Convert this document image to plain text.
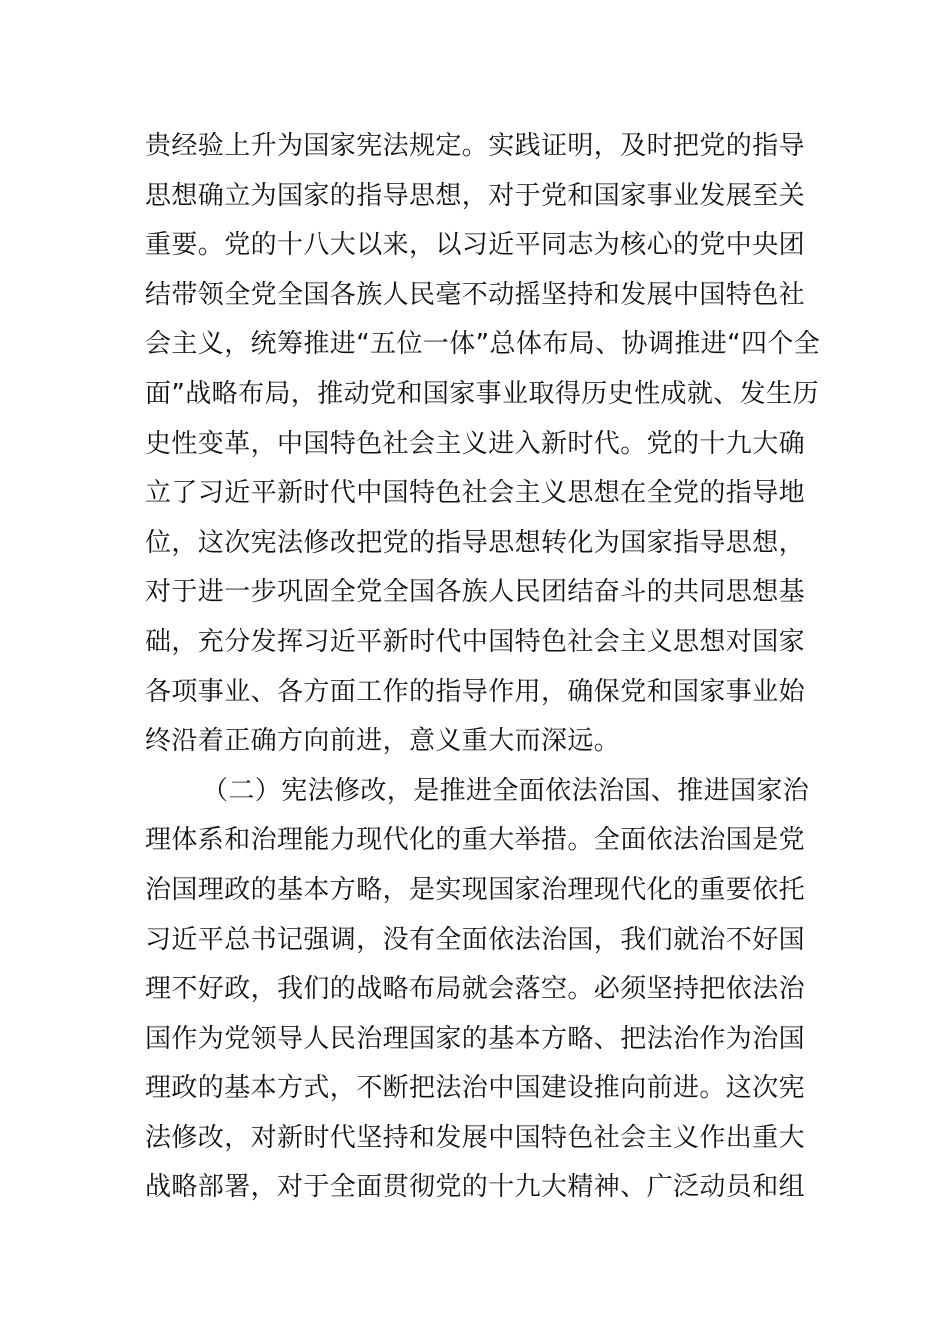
贵经验上升为国家宪法规定。实践证明，及时把党的指导
思想确立为国家的指导思想，对于党和国家事业发展至关
重要。党的十八大以来，以习近平同志为核心的党中央团
结带领全党全国各族人民毫不动摇坚持和发展中国特色社
会主义，统筹推进“五位一体”总体布局、协调推进“四个全
面”战略布局，推动党和国家事业取得历史性成就、发生历
史性变革，中国特色社会主义进入新时代。党的十九大确
立了习近平新时代中国特色社会主义思想在全党的指导地
位，这次宪法修改把党的指导思想转化为国家指导思想，
对于进一步巩固全党全国各族人民团结奋斗的共同思想基
础，充分发挥习近平新时代中国特色社会主义思想对国家
各项事业、各方面工作的指导作用，确保党和国家事业始
终沿着正确方向前进，意义重大而深远。
（二）宪法修改，是推进全面依法治国、推进国家治
理体系和治理能力现代化的重大举措。全面依法治国是党
治国理政的基本方略，是实现国家治理现代化的重要依托
习近平总书记强调，没有全面依法治国，我们就治不好国
理不好政，我们的战略布局就会落空。必须坚持把依法治
国作为党领导人民治理国家的基本方略、把法治作为治国
理政的基本方式，不断把法治中国建设推向前进。这次宪
法修改，对新时代坚持和发展中国特色社会主义作出重大
战略部署，对于全面贯彻党的十九大精神、广泛动员和组
